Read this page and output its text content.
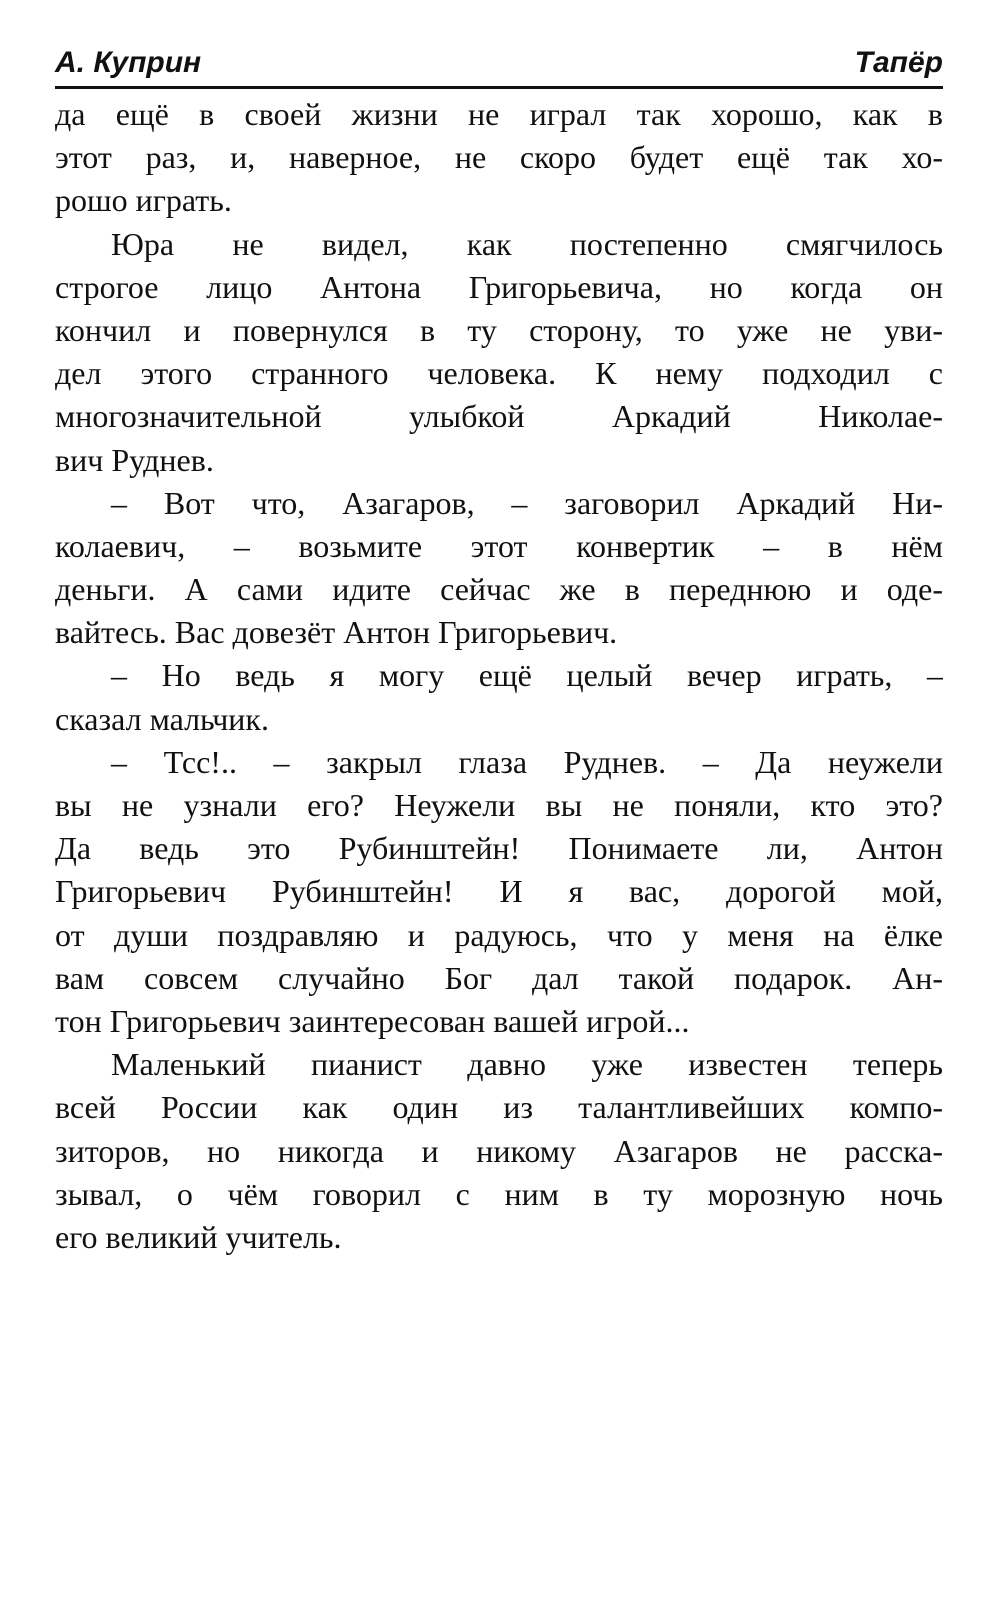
А. Куприн	Тапёр
да ещё в своей жизни не играл так хорошо, как в
этот раз, и, наверное, не скоро будет ещё так хо-
рошо играть.
Юра не видел, как постепенно смягчилось
строгое лицо Антона Григорьевича, но когда он
кончил и повернулся в ту сторону, то уже не уви-
дел этого странного человека. К нему подходил с
многозначительной улыбкой Аркадий Николае-
вич Руднев.
– Вот что, Азагаров, – заговорил Аркадий Ни-
колаевич, – возьмите этот конвертик – в нём
деньги. А сами идите сейчас же в переднюю и оде-
вайтесь. Вас довезёт Антон Григорьевич.
– Но ведь я могу ещё целый вечер играть, –
сказал мальчик.
– Тсс!.. – закрыл глаза Руднев. – Да неужели
вы не узнали его? Неужели вы не поняли, кто это?
Да ведь это Рубинштейн! Понимаете ли, Антон
Григорьевич Рубинштейн! И я вас, дорогой мой,
от души поздравляю и радуюсь, что у меня на ёлке
вам совсем случайно Бог дал такой подарок. Ан-
тон Григорьевич заинтересован вашей игрой...
Маленький пианист давно уже известен теперь
всей России как один из талантливейших компо-
зиторов, но никогда и никому Азагаров не расска-
зывал, о чём говорил с ним в ту морозную ночь
его великий учитель.
